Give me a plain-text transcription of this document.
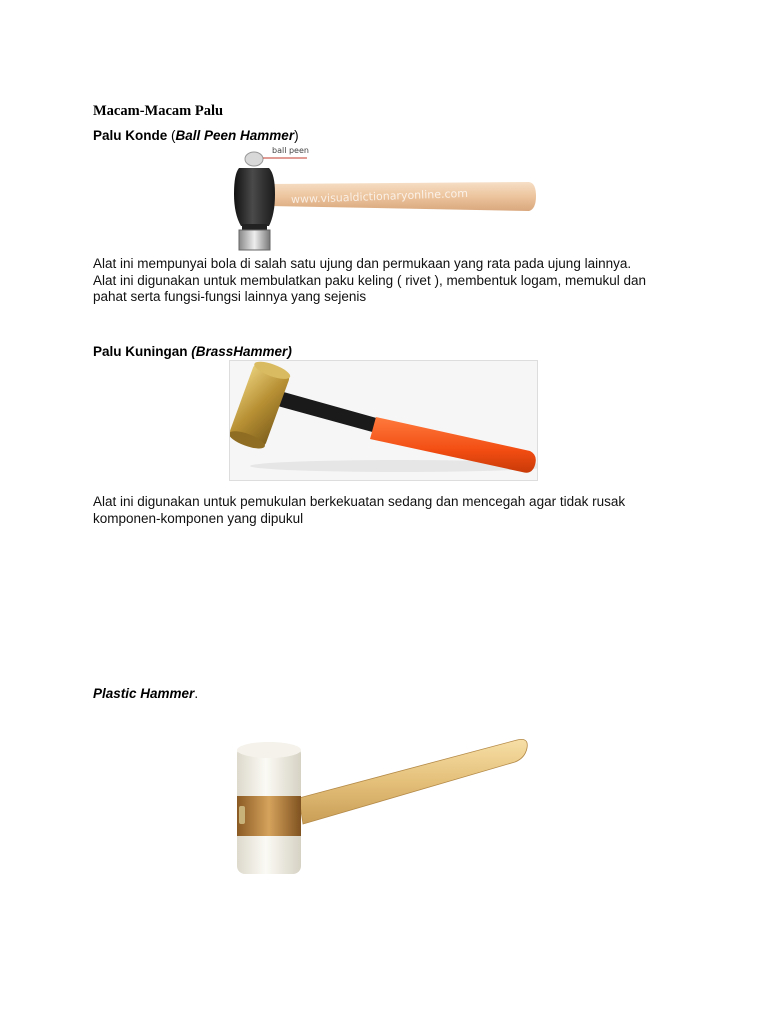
Macam-Macam Palu
Palu Konde (Ball Peen Hammer)
ball peen
www.visualdictionaryonline.com
Alat ini mempunyai bola di salah satu ujung dan permukaan yang rata pada ujung lainnya.
Alat ini digunakan untuk membulatkan paku keling ( rivet ), membentuk logam, memukul dan
pahat serta fungsi-fungsi lainnya yang sejenis
Palu Kuningan (BrassHammer)
Alat ini digunakan untuk pemukulan berkekuatan sedang dan mencegah agar tidak rusak
komponen-komponen yang dipukul
Plastic Hammer.
